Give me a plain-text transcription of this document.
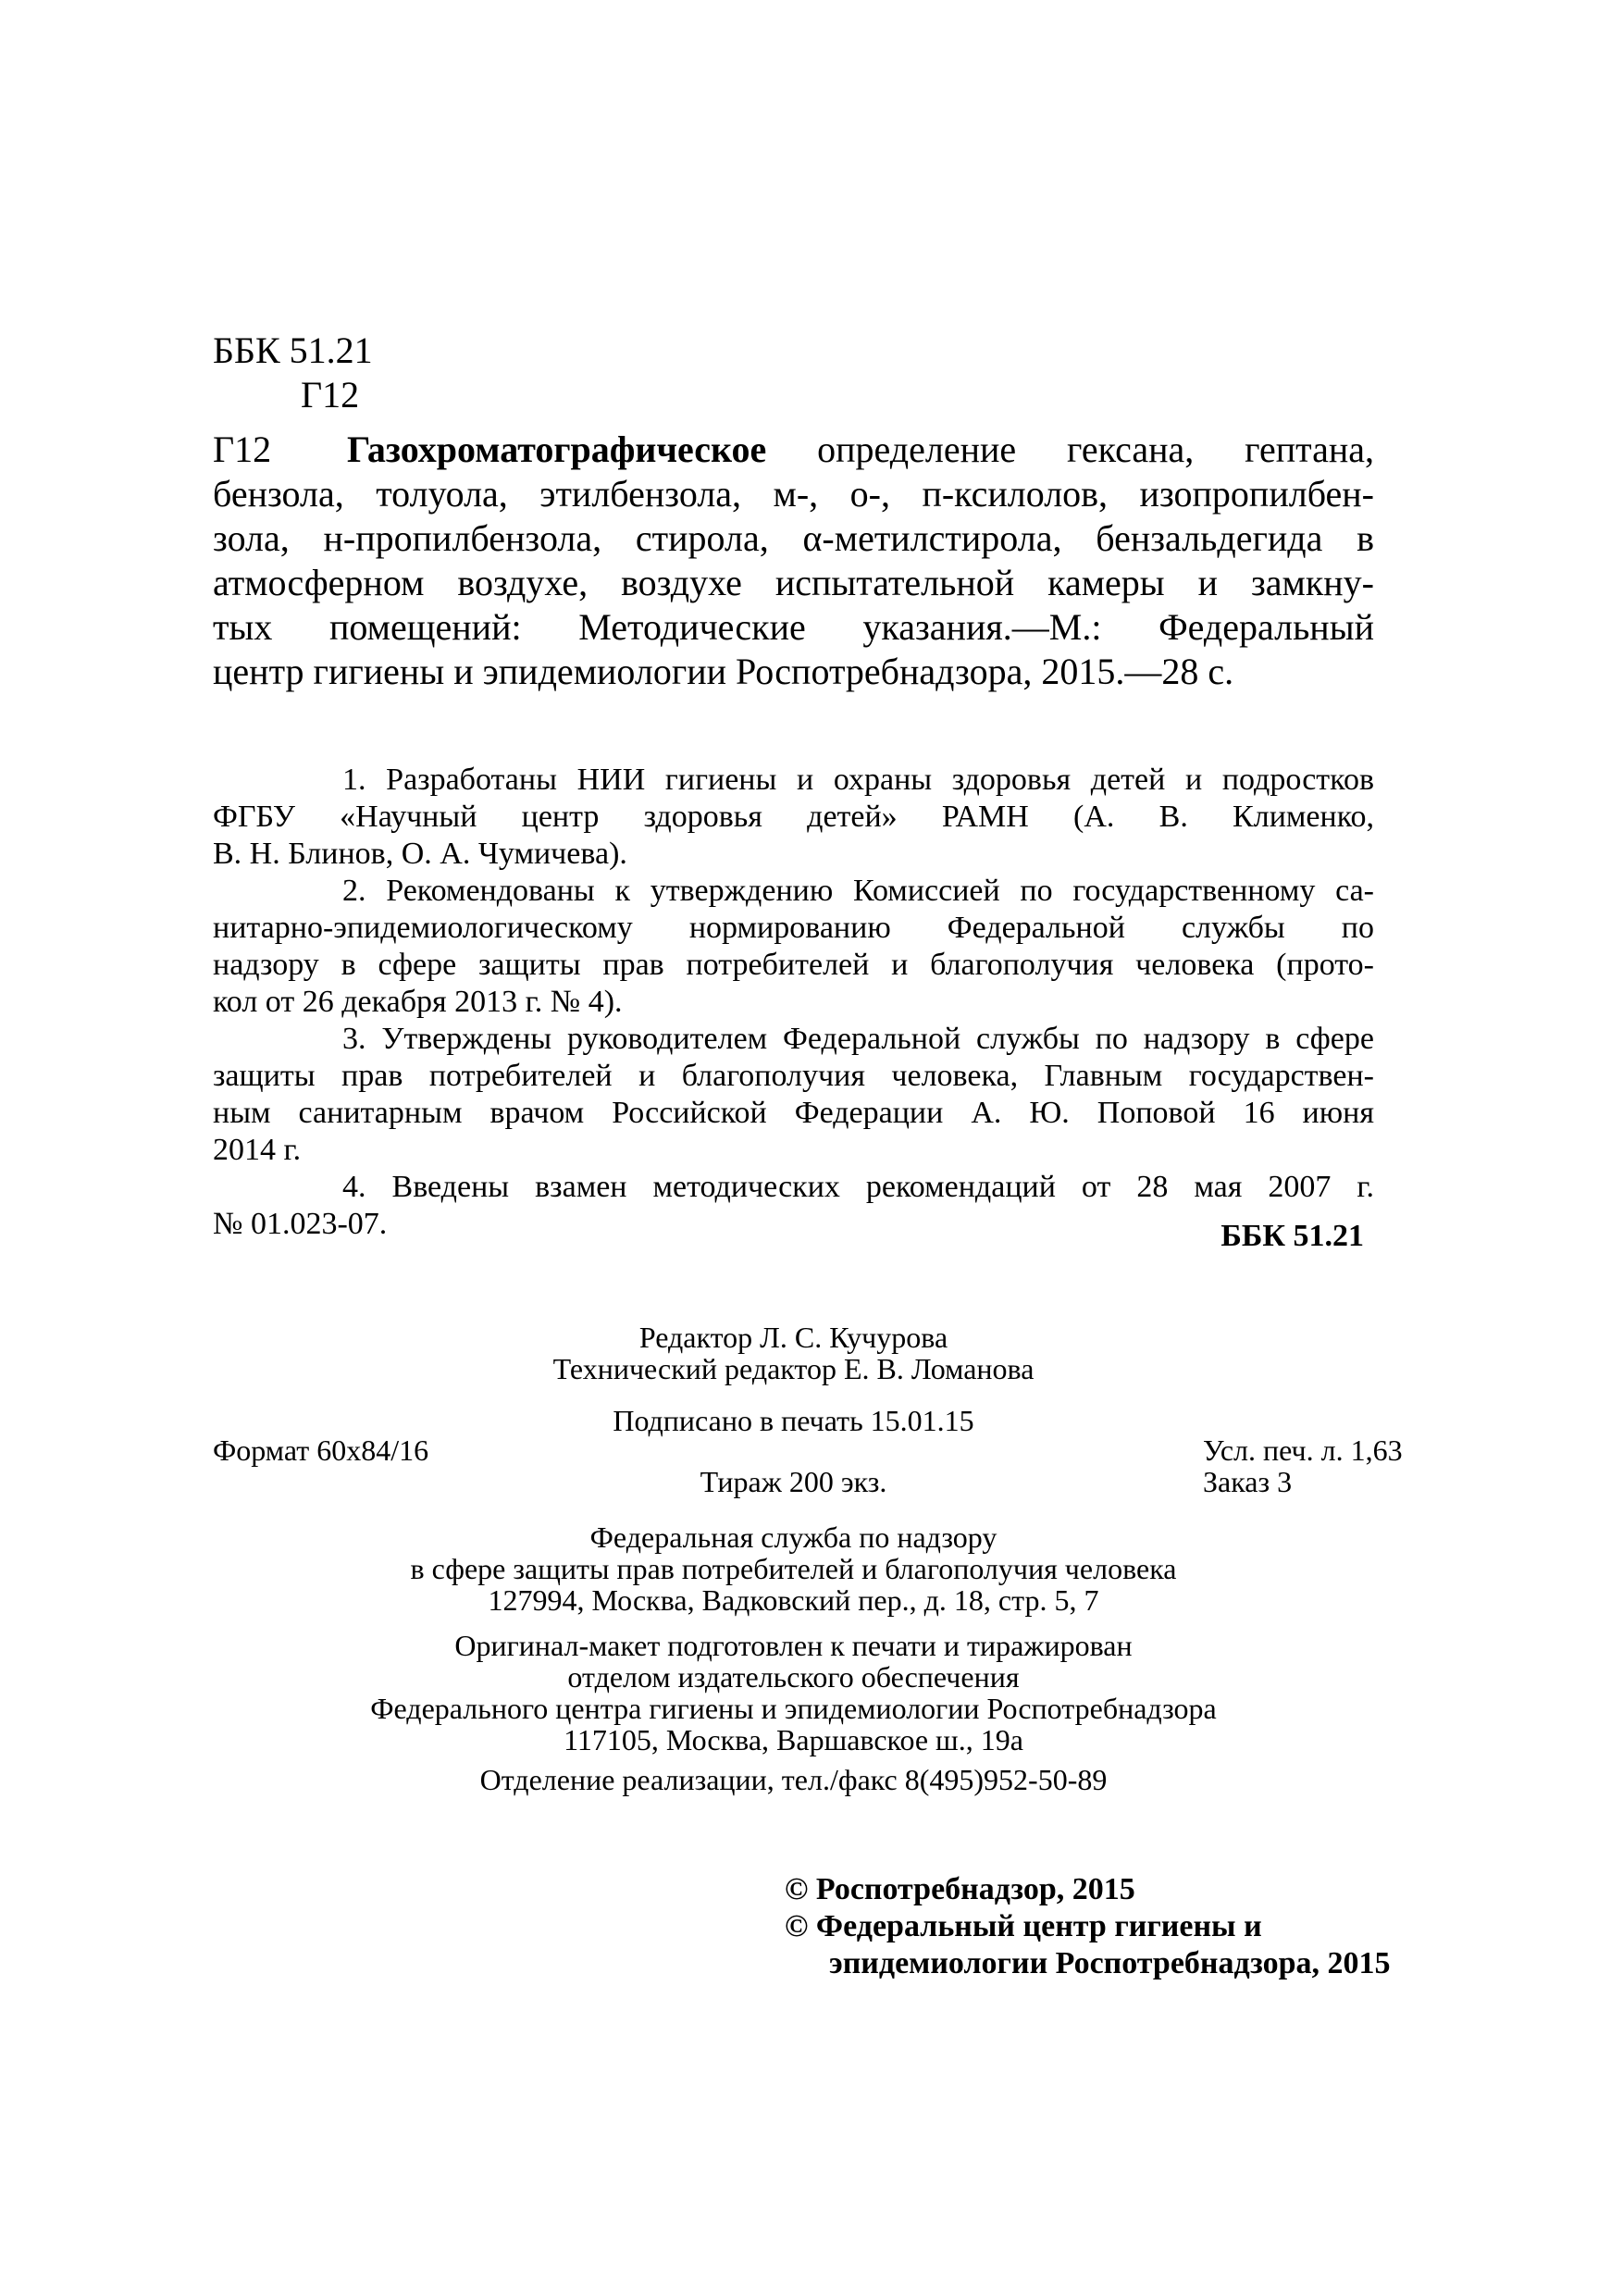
ББК 51.21

Г12

Г12	Газохроматографическое определение гексана, гептана,

бензола, толуола, этилбензола, м-, о-, п-ксилолов, изопропилбен-

зола, н-пропилбензола, стирола, α-метилстирола, бензальдегида в

атмосферном воздухе, воздухе испытательной камеры и замкну-

тых помещений: Методические указания.—М.: Федеральный

центр гигиены и эпидемиологии Роспотребнадзора, 2015.—28 с.

1. Разработаны НИИ гигиены и охраны здоровья детей и подростков

ФГБУ «Научный центр здоровья детей» РАМН (А. В. Клименко,

В. Н. Блинов, О. А. Чумичева).

2. Рекомендованы к утверждению Комиссией по государственному са-

нитарно-эпидемиологическому нормированию Федеральной службы по

надзору в сфере защиты прав потребителей и благополучия человека (прото-

кол от 26 декабря 2013 г. № 4).

3. Утверждены руководителем Федеральной службы по надзору в сфере

защиты прав потребителей и благополучия человека, Главным государствен-

ным санитарным врачом Российской Федерации А. Ю. Поповой 16 июня

2014 г.

4. Введены взамен методических рекомендаций от 28 мая 2007 г.

№ 01.023-07.	ББК 51.21

Редактор Л. С. Кучурова

Технический редактор Е. В. Ломанова

Подписано в печать 15.01.15

Формат 60x84/16	Усл. печ. л. 1,63

Тираж 200 экз.	Заказ 3

Федеральная служба по надзору

в сфере защиты прав потребителей и благополучия человека

127994, Москва, Вадковский пер., д. 18, стр. 5, 7

Оригинал-макет подготовлен к печати и тиражирован

отделом издательского обеспечения

Федерального центра гигиены и эпидемиологии Роспотребнадзора

117105, Москва, Варшавское ш., 19а

Отделение реализации, тел./факс 8(495)952-50-89

© Роспотребнадзор, 2015

© Федеральный центр гигиены и

эпидемиологии Роспотребнадзора, 2015
